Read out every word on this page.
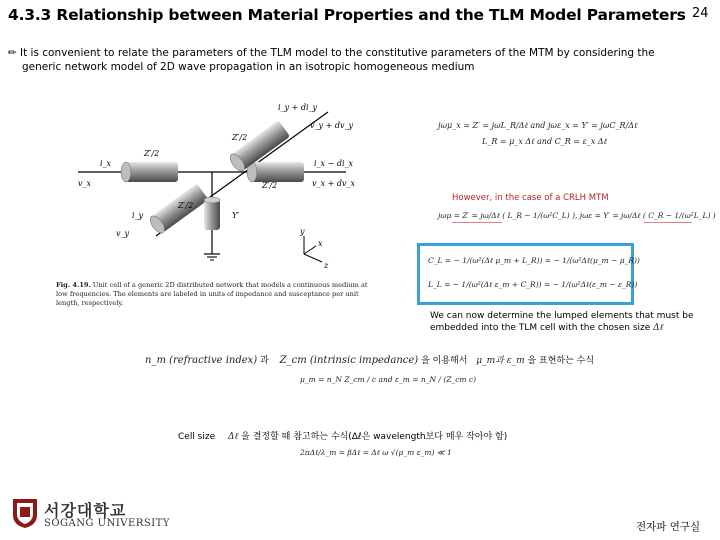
4.3.3 Relationship between Material Properties and the TLM Model Parameters 24
✏ It is convenient to relate the parameters of the TLM model to the constitutive parameters of the MTM by considering the
generic network model of 2D wave propagation in an isotropic homogeneous medium
i_y + di_y
v_y + dv_y
Z′/2
Z′/2
Z′/2
Z′/2
i_x
v_x
i_x − di_x
v_x + dv_x
i_y
v_y
Y′
y
x
z
Fig. 4.19. Unit cell of a generic 2D distributed network that models a continuous medium at low frequencies. The elements are labeled in units of impedance and susceptance per unit length, respectively.
jωμ_x = Z′ = jωL_R/Δℓ and jωε_x = Y′ = jωC_R/Δℓ
L_R = μ_x Δℓ and C_R = ε_x Δℓ
However, in the case of a CRLH MTM
jωμ = Z′ = jω/Δℓ ( L_R − 1/(ω²C_L) ), jωε = Y′ = jω/Δℓ ( C_R − 1/(ω²L_L) )
C_L = − 1/(ω²(Δℓ μ_m + L_R)) = − 1/(ω²Δℓ(μ_m − μ_R))
L_L = − 1/(ω²(Δℓ ε_m + C_R)) = − 1/(ω²Δℓ(ε_m − ε_R))
We can now determine the lumped elements that must be
embedded into the TLM cell with the chosen size Δℓ
n_m (refractive index) 과 Z_cm (intrinsic impedance) 을 이용해서 μ_m과 ε_m 을 표현하는 수식
μ_m = n_N Z_cm / c and ε_m = n_N / (Z_cm c)
Cell size Δℓ 을 결정할 때 참고하는 수식(Δℓ은 wavelength보다 매우 작아야 함)
2πΔℓ/λ_m = βΔℓ = Δℓ ω √(μ_m ε_m) ≪ 1
서강대학교
SOGANG UNIVERSITY	전자파 연구실
